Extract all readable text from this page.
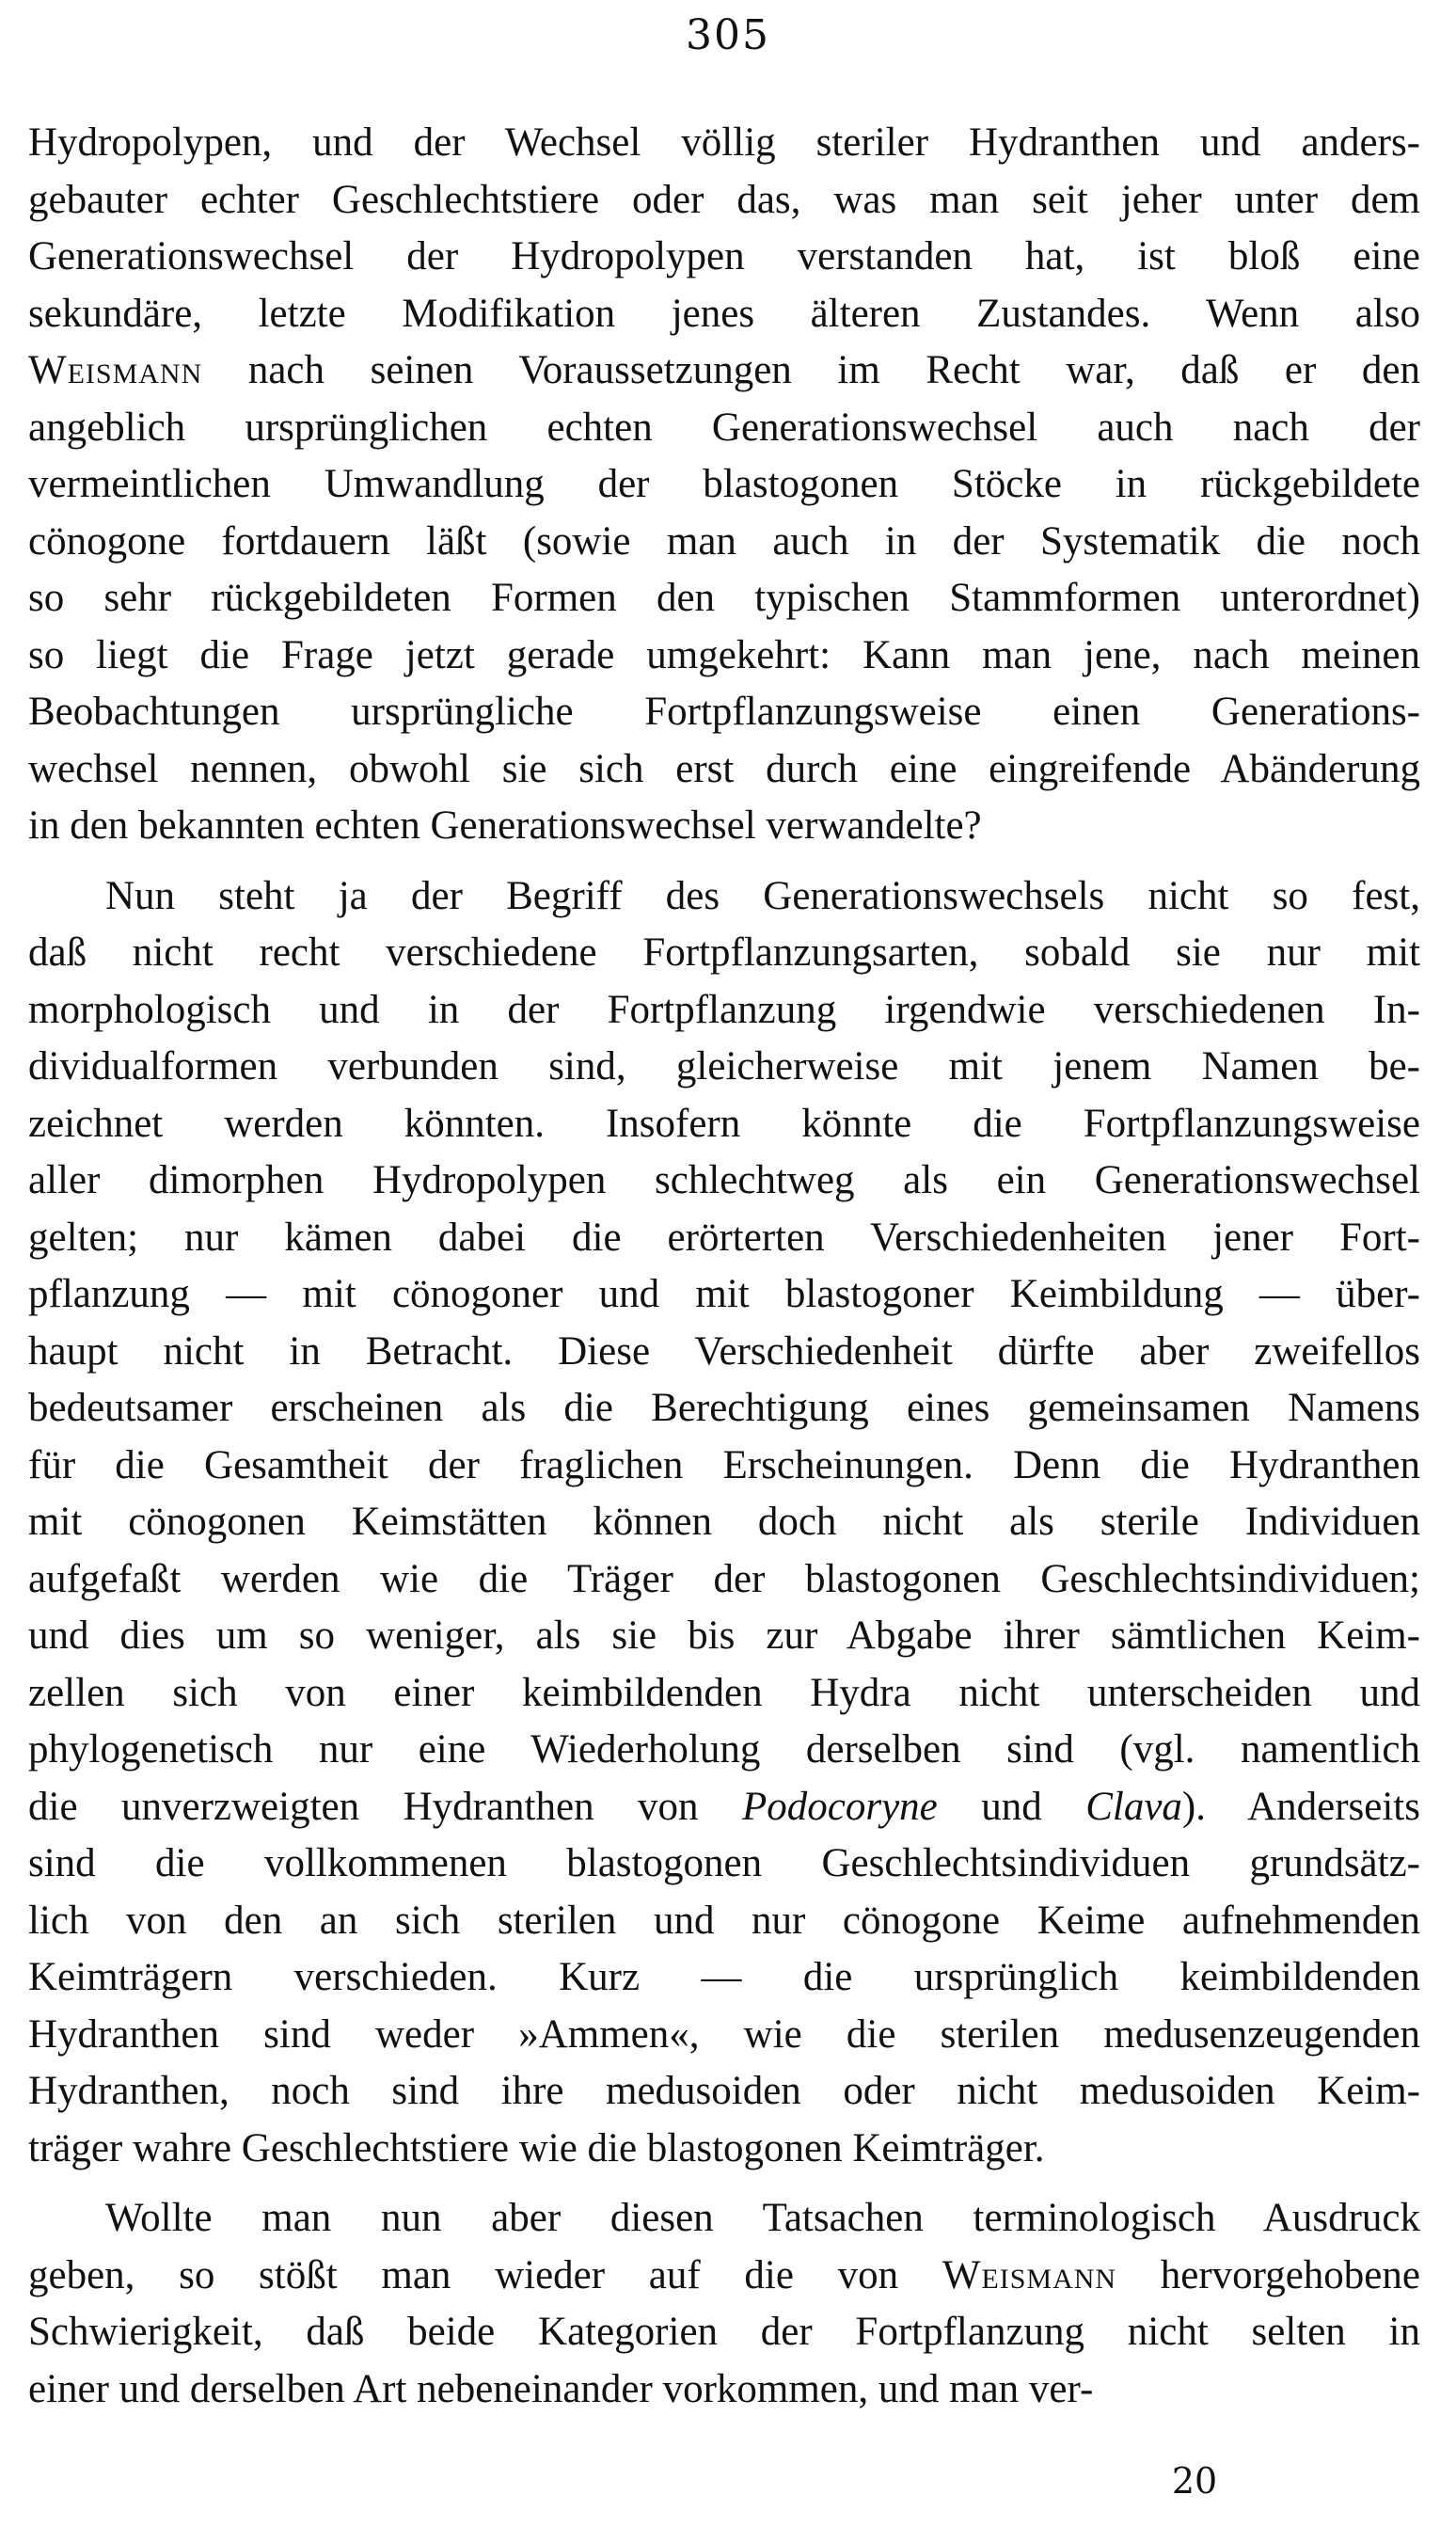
305
Hydropolypen, und der Wechsel völlig steriler Hydranthen und anders-
gebauter echter Geschlechtstiere oder das, was man seit jeher unter dem
Generationswechsel der Hydropolypen verstanden hat, ist bloß eine
sekundäre, letzte Modifikation jenes älteren Zustandes. Wenn also
Weismann nach seinen Voraussetzungen im Recht war, daß er den
angeblich ursprünglichen echten Generationswechsel auch nach der
vermeintlichen Umwandlung der blastogonen Stöcke in rückgebildete
cönogone fortdauern läßt (sowie man auch in der Systematik die noch
so sehr rückgebildeten Formen den typischen Stammformen unterordnet)
so liegt die Frage jetzt gerade umgekehrt: Kann man jene, nach meinen
Beobachtungen ursprüngliche Fortpflanzungsweise einen Generations-
wechsel nennen, obwohl sie sich erst durch eine eingreifende Abänderung
in den bekannten echten Generationswechsel verwandelte?
Nun steht ja der Begriff des Generationswechsels nicht so fest,
daß nicht recht verschiedene Fortpflanzungsarten, sobald sie nur mit
morphologisch und in der Fortpflanzung irgendwie verschiedenen In-
dividualformen verbunden sind, gleicherweise mit jenem Namen be-
zeichnet werden könnten. Insofern könnte die Fortpflanzungsweise
aller dimorphen Hydropolypen schlechtweg als ein Generationswechsel
gelten; nur kämen dabei die erörterten Verschiedenheiten jener Fort-
pflanzung — mit cönogoner und mit blastogoner Keimbildung — über-
haupt nicht in Betracht. Diese Verschiedenheit dürfte aber zweifellos
bedeutsamer erscheinen als die Berechtigung eines gemeinsamen Namens
für die Gesamtheit der fraglichen Erscheinungen. Denn die Hydranthen
mit cönogonen Keimstätten können doch nicht als sterile Individuen
aufgefaßt werden wie die Träger der blastogonen Geschlechtsindividuen;
und dies um so weniger, als sie bis zur Abgabe ihrer sämtlichen Keim-
zellen sich von einer keimbildenden Hydra nicht unterscheiden und
phylogenetisch nur eine Wiederholung derselben sind (vgl. namentlich
die unverzweigten Hydranthen von Podocoryne und Clava). Anderseits
sind die vollkommenen blastogonen Geschlechtsindividuen grundsätz-
lich von den an sich sterilen und nur cönogone Keime aufnehmenden
Keimträgern verschieden. Kurz — die ursprünglich keimbildenden
Hydranthen sind weder »Ammen«, wie die sterilen medusenzeugenden
Hydranthen, noch sind ihre medusoiden oder nicht medusoiden Keim-
träger wahre Geschlechtstiere wie die blastogonen Keimträger.
Wollte man nun aber diesen Tatsachen terminologisch Ausdruck
geben, so stößt man wieder auf die von Weismann hervorgehobene
Schwierigkeit, daß beide Kategorien der Fortpflanzung nicht selten in
einer und derselben Art nebeneinander vorkommen, und man ver-
20
